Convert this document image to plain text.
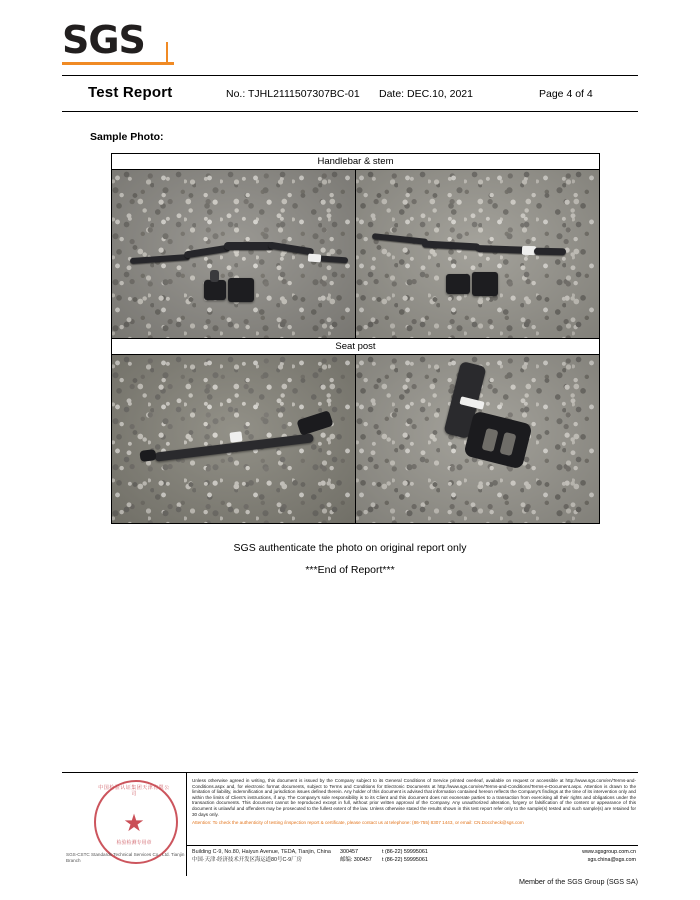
SGS
Test Report	No.: TJHL2111507307BC-01 Date: DEC.10, 2021	Page 4 of 4
Sample Photo:
Handlebar & stem
Seat post
SGS authenticate the photo on original report only
***End of Report***
中国检验认证集团天津有限公司
★
检验检测专用章
SGS-CSTC Standards Technical Services Co., Ltd. Tianjin Branch
Unless otherwise agreed in writing, this document is issued by the Company subject to its General Conditions of Service printed overleaf, available on request or accessible at http://www.sgs.com/en/Terms-and-Conditions.aspx and, for electronic format documents, subject to Terms and Conditions for Electronic Documents at http://www.sgs.com/en/Terms-and-Conditions/Terms-e-Document.aspx. Attention is drawn to the limitation of liability, indemnification and jurisdiction issues defined therein. Any holder of this document is advised that information contained hereon reflects the Company's findings at the time of its intervention only and within the limits of Client's instructions, if any. The Company's sole responsibility is to its Client and this document does not exonerate parties to a transaction from exercising all their rights and obligations under the transaction documents. This document cannot be reproduced except in full, without prior written approval of the Company. Any unauthorized alteration, forgery or falsification of the content or appearance of this document is unlawful and offenders may be prosecuted to the fullest extent of the law. Unless otherwise stated the results shown in this test report refer only to the sample(s) tested and such sample(s) are retained for 30 days only.
Attention: To check the authenticity of testing /inspection report & certificate, please contact us at telephone: (86-755) 8307 1443, or email: CN.Doccheck@sgs.com
Building C-9, No.80, Haiyun Avenue, TEDA, Tianjin, China
中国·天津·经济技术开发区海运道80号C-9厂房
300457	t (86-22) 59995061
邮编: 300457 t (86-22) 59995061
www.sgsgroup.com.cn
sgs.china@sgs.com
Member of the SGS Group (SGS SA)
